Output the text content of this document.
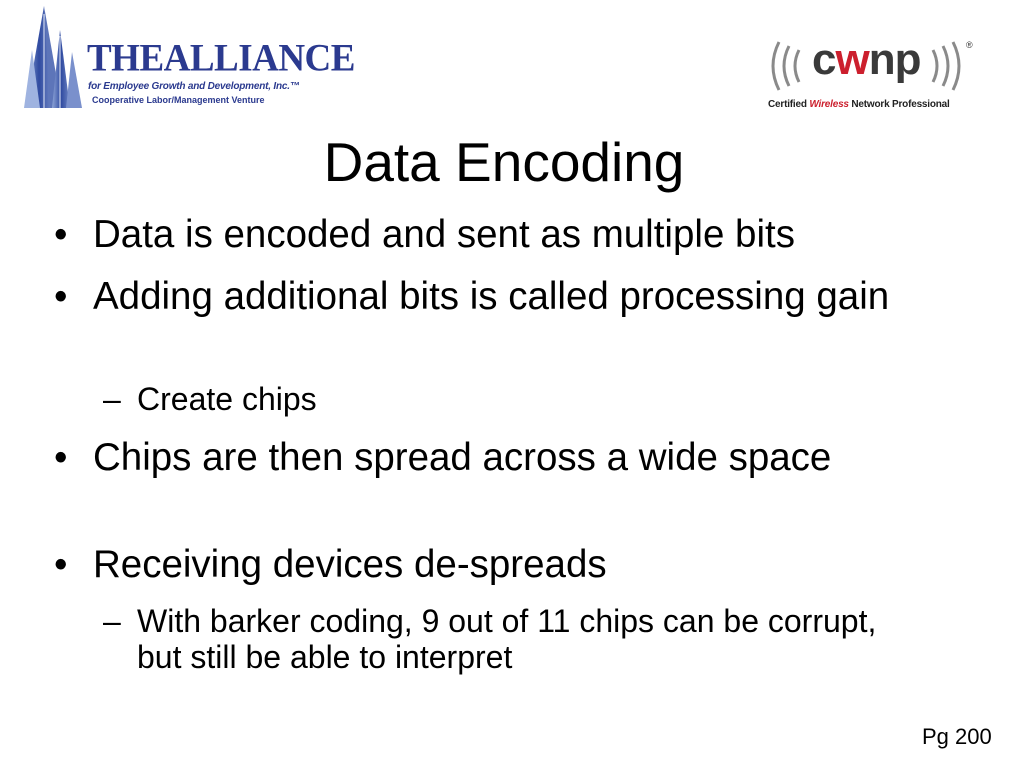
THEALLIANCE
for Employee Growth and Development, Inc.™
Cooperative Labor/Management Venture
cwnp	®
Certified Wireless Network Professional
Data Encoding
• Data is encoded and sent as multiple bits
• Adding additional bits is called processing gain
– Create chips
• Chips are then spread across a wide space
• Receiving devices de-spreads
– With barker coding, 9 out of 11 chips can be corrupt, but still be able to interpret
Pg 200
